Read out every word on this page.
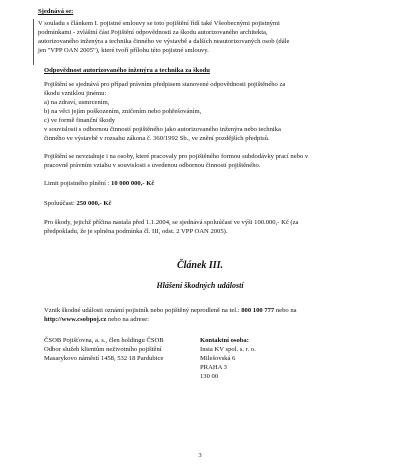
Sjednává se:
V souladu s článkem I. pojistné smlouvy se toto pojištění řídí také Všeobecnými pojistnými
podmínkami - zvláštní část Pojištění odpovědnosti za škodu autorizovaného architekta,
autorizovaného inženýra a technika činného ve výstavbě a dalších neautorizovaných osob (dále
jen "VPP OAN 2005"), které tvoří přílohu této pojistné smlouvy.
Odpovědnost autorizovaného inženýra a technika za škodu
Pojištění se sjednává pro případ právním předpisem stanovené odpovědnosti pojištěného za
škodu vzniklou jinému:
a) na zdraví, usmrcením,
b) na věci jejím poškozením, zničením nebo pohřešováním,
c) ve formě finanční škody
v souvislosti s odbornou činností pojištěného jako autorizovaného inženýra nebo technika
činného ve výstavbě v rozsahu zákona č. 360/1992 Sb., ve znění pozdějších předpisů.
Pojištění se nevztahuje i na osoby, které pracovaly pro pojištěného formou subdodávky prací nebo v
pracovně právním vztahu v souvislosti s uvedenou odbornou činností pojištěného.
Limit pojistného plnění : 10 000 000,- Kč
Spoluúčast: 250 000,- Kč
Pro škody, jejichž příčina nastala před 1.1.2004, se sjednává spoluúčast ve výši 100.000,- Kč (za
předpokladu, že je splněna podmínka čl. III, odst. 2 VPP OAN 2005).
Článek III.
Hlášení škodných událostí
Vznik škodné události oznámí pojistník nebo pojištěný neprodleně na tel.: 800 100 777 nebo na
http://www.csobpoj.cz nebo na adrese:
ČSOB Pojišťovna, a. s., člen holdingu ČSOB
Odbor služeb klientům neživotního pojištění
Masarykovo náměstí 1458, 532 18 Pardubice
Kontaktní osoba:
Insia KV spol. s. r. o.
Milešovská 6
PRAHA 3
130 00
3
